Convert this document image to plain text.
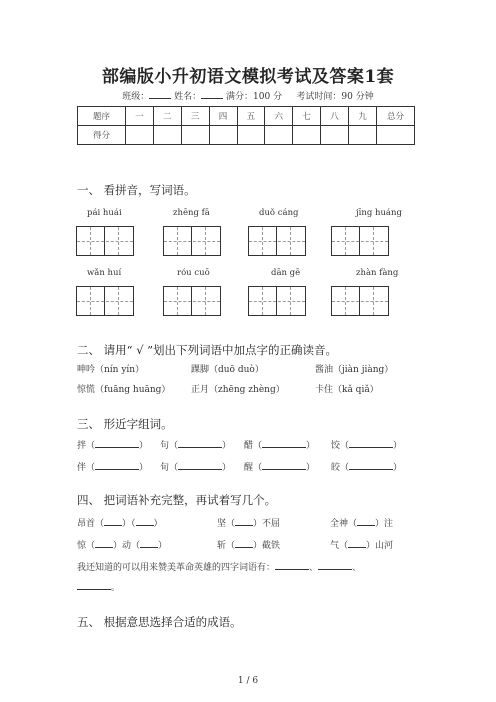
部编版小升初语文模拟考试及答案1套
班级：	姓名：	满分：100 分 考试时间：90 分钟
题序	一	二	三	四	五	六	七	八	九	总分
得分										
一、 看拼音，写词语。
pái huái	zhēng fā	duǒ cáng	jīng huáng
wǎn huí	róu cuō	dān gē	zhàn fàng
二、 请用“ √ ”划出下列词语中加点字的正确读音。
呻吟（nín yín）	踝脚（duō duò）	酱油（jiàn jiàng）
惊慌（fuāng huāng） 正月（zhēng zhèng）	卡住（kǎ qiǎ）
三、 形近字组词。
拌（	） 句（	） 醋（	） 饺（	）
伴（	） 旬（	） 醒（	） 皎（	）
四、 把词语补充完整，再试着写几个。
昂首（ ）（ ）	坚（ ）不屈	全神（ ）注
惊（ ）动（ ）	斩（ ）截铁	气（ ）山河
我还知道的可以用来赞美革命英雄的四字词语有：	、	、
。
五、 根据意思选择合适的成语。
1 / 6
